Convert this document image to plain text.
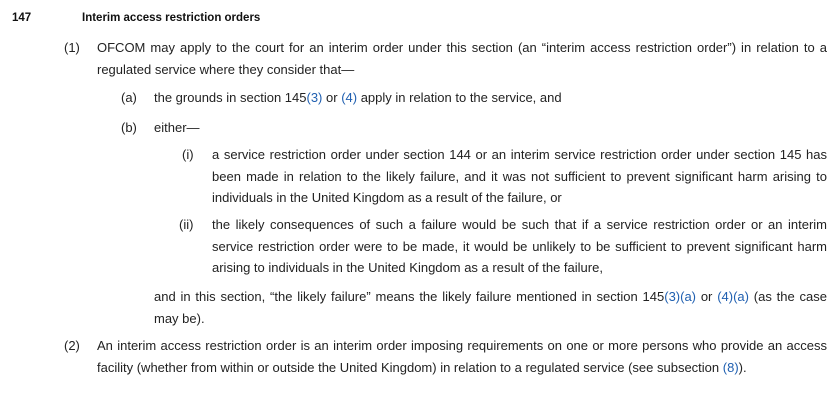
147	Interim access restriction orders
(1) OFCOM may apply to the court for an interim order under this section (an “interim access restriction order”) in relation to a regulated service where they consider that—
(a) the grounds in section 145(3) or (4) apply in relation to the service, and
(b) either—
(i) a service restriction order under section 144 or an interim service restriction order under section 145 has been made in relation to the likely failure, and it was not sufficient to prevent significant harm arising to individuals in the United Kingdom as a result of the failure, or
(ii) the likely consequences of such a failure would be such that if a service restriction order or an interim service restriction order were to be made, it would be unlikely to be sufficient to prevent significant harm arising to individuals in the United Kingdom as a result of the failure,
and in this section, “the likely failure” means the likely failure mentioned in section 145(3)(a) or (4)(a) (as the case may be).
(2) An interim access restriction order is an interim order imposing requirements on one or more persons who provide an access facility (whether from within or outside the United Kingdom) in relation to a regulated service (see subsection (8)).
